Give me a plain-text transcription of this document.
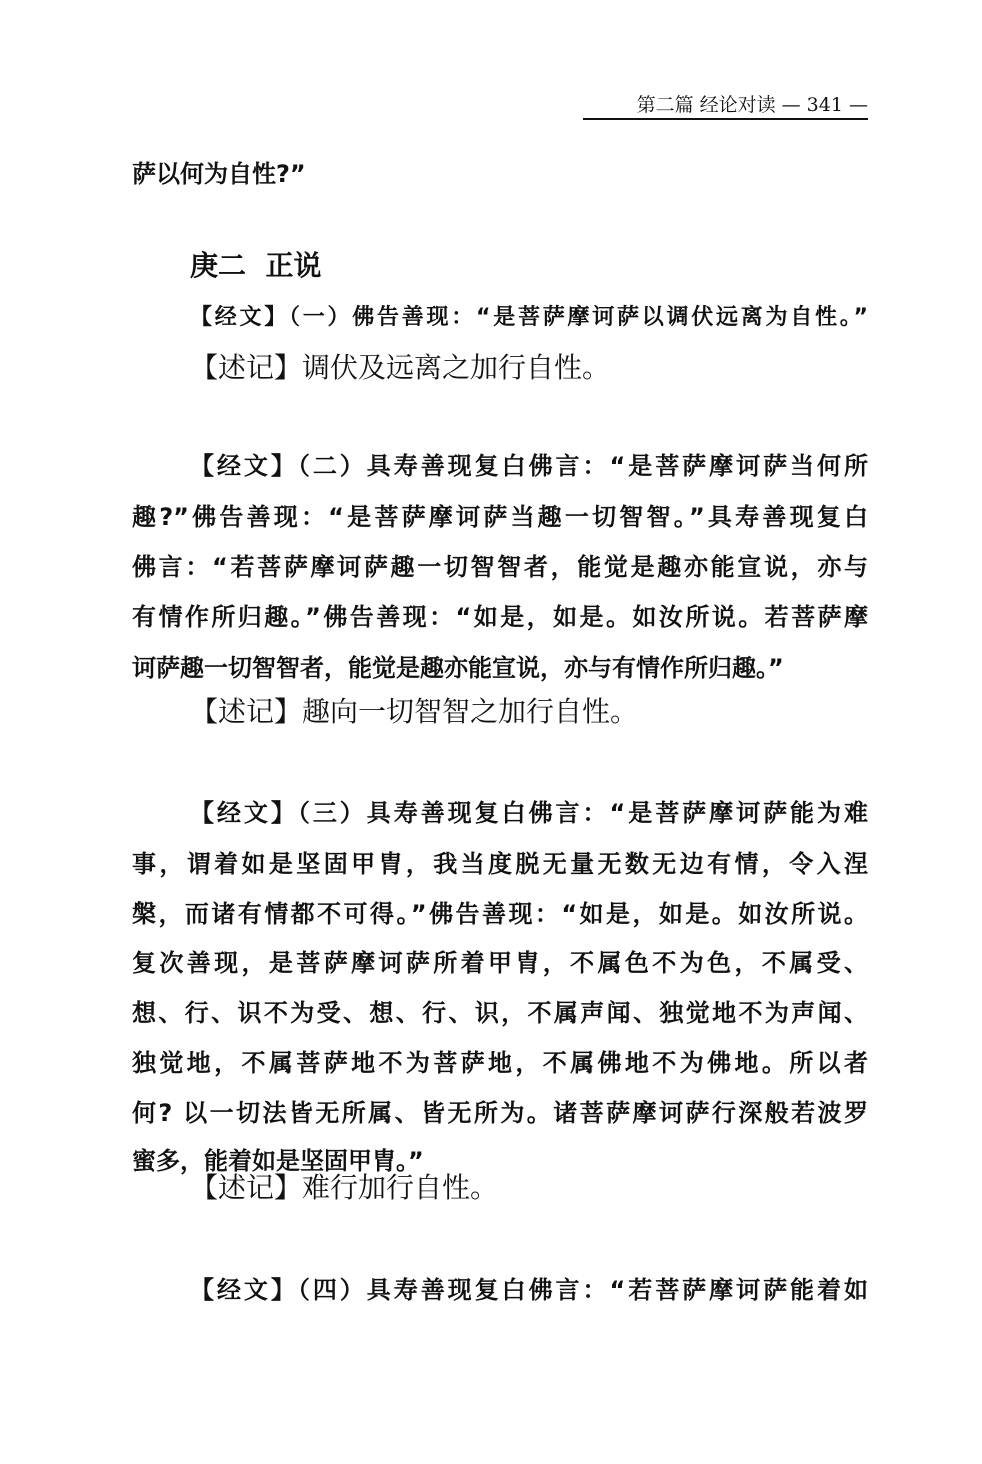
第二篇 经论对读 — 341 —
萨以何为自性?”
庚二  正说
【经文】（一）佛告善现：“是菩萨摩诃萨以调伏远离为自性。”
【述记】调伏及远离之加行自性。
【经文】（二）具寿善现复白佛言：“是菩萨摩诃萨当何所
趣?”佛告善现：“是菩萨摩诃萨当趣一切智智。”具寿善现复白
佛言：“若菩萨摩诃萨趣一切智智者，能觉是趣亦能宣说，亦与
有情作所归趣。”佛告善现：“如是，如是。如汝所说。若菩萨摩
诃萨趣一切智智者，能觉是趣亦能宣说，亦与有情作所归趣。”
【述记】趣向一切智智之加行自性。
【经文】（三）具寿善现复白佛言：“是菩萨摩诃萨能为难
事，谓着如是坚固甲胄，我当度脱无量无数无边有情，令入涅
槃，而诸有情都不可得。”佛告善现：“如是，如是。如汝所说。
复次善现，是菩萨摩诃萨所着甲胄，不属色不为色，不属受、
想、行、识不为受、想、行、识，不属声闻、独觉地不为声闻、
独觉地，不属菩萨地不为菩萨地，不属佛地不为佛地。所以者
何? 以一切法皆无所属、皆无所为。诸菩萨摩诃萨行深般若波罗
蜜多，能着如是坚固甲胄。”
【述记】难行加行自性。
【经文】（四）具寿善现复白佛言：“若菩萨摩诃萨能着如
